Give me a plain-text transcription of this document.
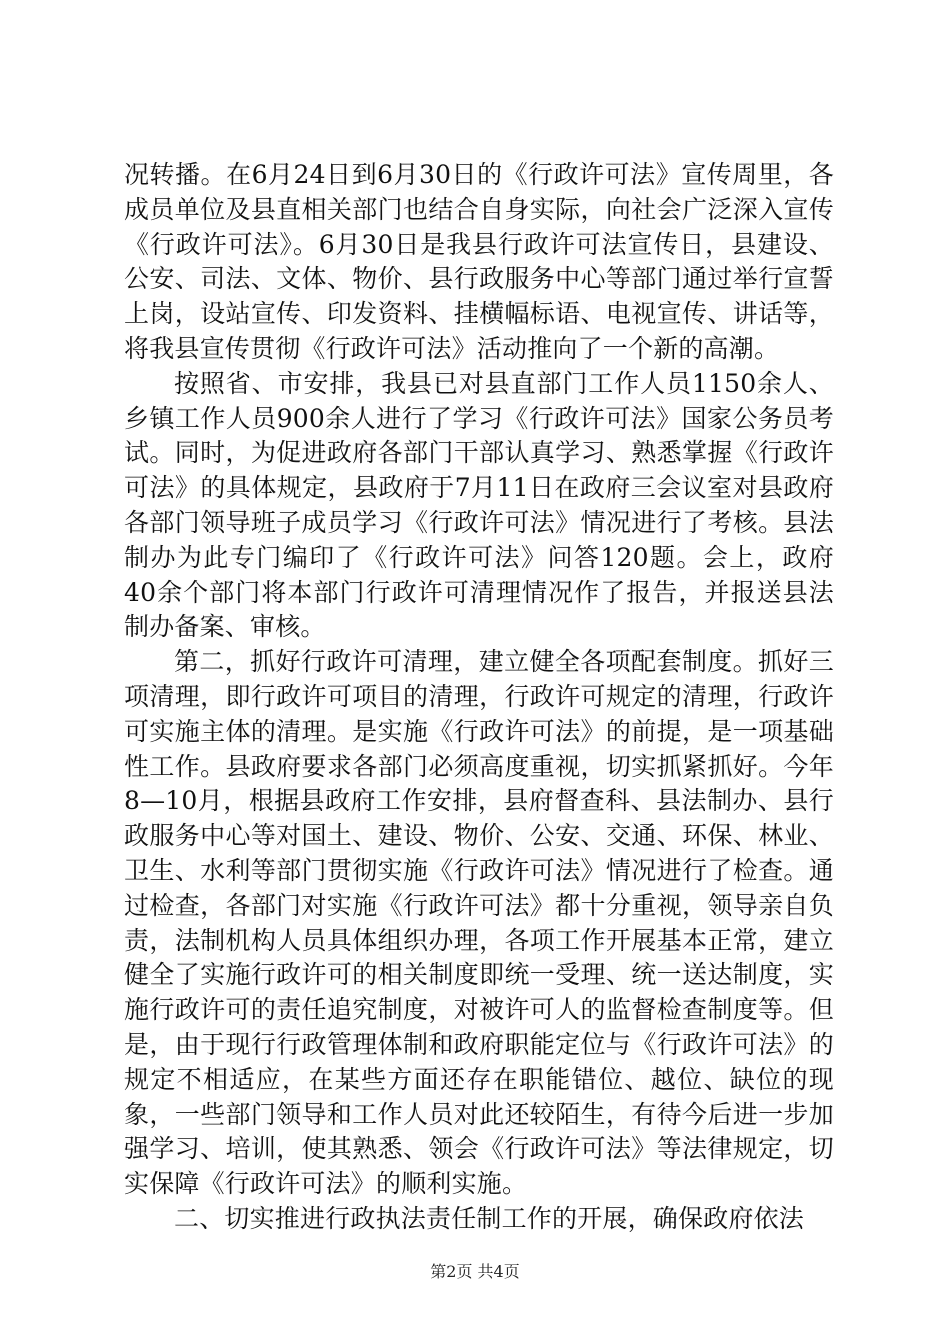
况转播。在6月24日到6月30日的《行政许可法》宣传周里，各成员单位及县直相关部门也结合自身实际，向社会广泛深入宣传《行政许可法》。6月30日是我县行政许可法宣传日，县建设、公安、司法、文体、物价、县行政服务中心等部门通过举行宣誓上岗，设站宣传、印发资料、挂横幅标语、电视宣传、讲话等，将我县宣传贯彻《行政许可法》活动推向了一个新的高潮。

按照省、市安排，我县已对县直部门工作人员1150余人、乡镇工作人员900余人进行了学习《行政许可法》国家公务员考试。同时，为促进政府各部门干部认真学习、熟悉掌握《行政许可法》的具体规定，县政府于7月11日在政府三会议室对县政府各部门领导班子成员学习《行政许可法》情况进行了考核。县法制办为此专门编印了《行政许可法》问答120题。会上，政府40余个部门将本部门行政许可清理情况作了报告，并报送县法制办备案、审核。

第二，抓好行政许可清理，建立健全各项配套制度。抓好三项清理，即行政许可项目的清理，行政许可规定的清理，行政许可实施主体的清理。是实施《行政许可法》的前提，是一项基础性工作。县政府要求各部门必须高度重视，切实抓紧抓好。今年8—10月，根据县政府工作安排，县府督查科、县法制办、县行政服务中心等对国土、建设、物价、公安、交通、环保、林业、卫生、水利等部门贯彻实施《行政许可法》情况进行了检查。通过检查，各部门对实施《行政许可法》都十分重视，领导亲自负责，法制机构人员具体组织办理，各项工作开展基本正常，建立健全了实施行政许可的相关制度即统一受理、统一送达制度，实施行政许可的责任追究制度，对被许可人的监督检查制度等。但是，由于现行行政管理体制和政府职能定位与《行政许可法》的规定不相适应，在某些方面还存在职能错位、越位、缺位的现象，一些部门领导和工作人员对此还较陌生，有待今后进一步加强学习、培训，使其熟悉、领会《行政许可法》等法律规定，切实保障《行政许可法》的顺利实施。

二、切实推进行政执法责任制工作的开展，确保政府依法

第2页 共4页
